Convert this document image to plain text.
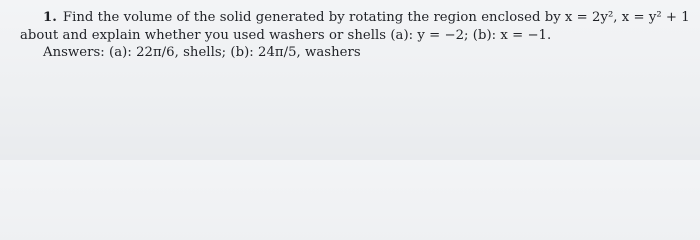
1. Find the volume of the solid generated by rotating the region enclosed by x = 2y², x = y² + 1
about and explain whether you used washers or shells (a): y = −2; (b): x = −1.
Answers: (a): 22π/6, shells; (b): 24π/5, washers
